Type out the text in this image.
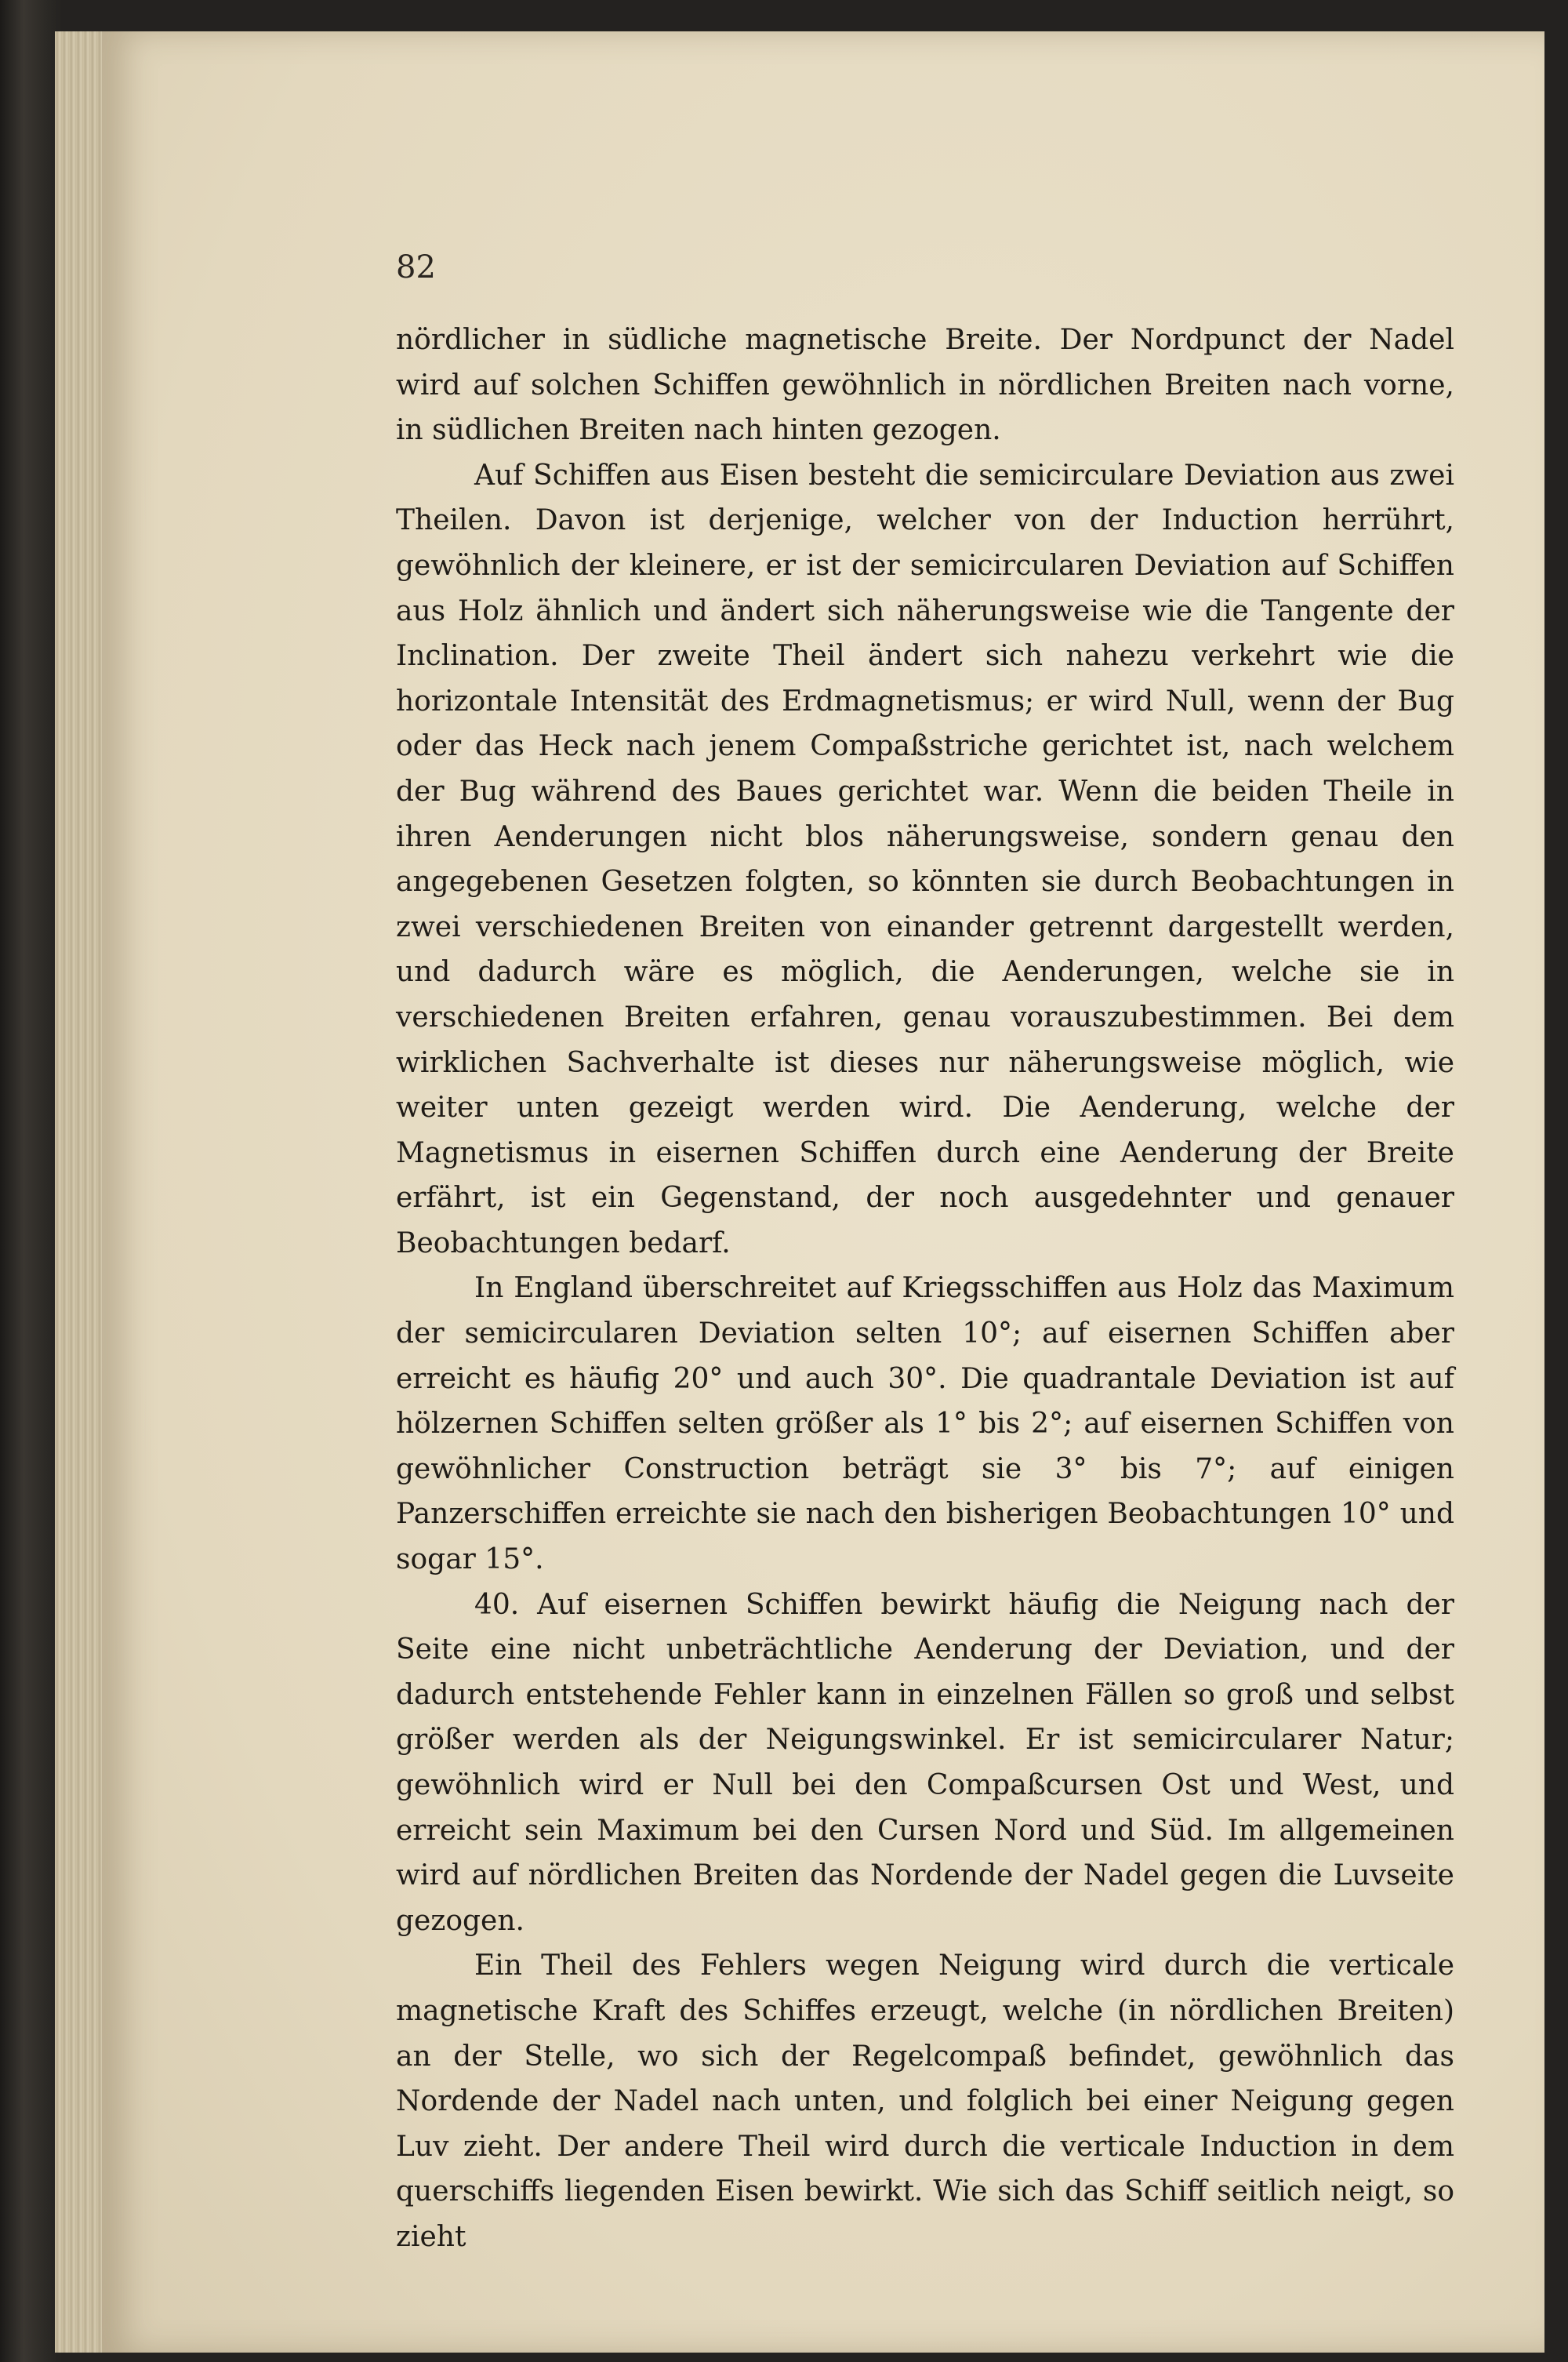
82

nördlicher in südliche magnetische Breite. Der Nordpunct der Nadel wird auf solchen Schiffen gewöhnlich in nördlichen Breiten nach vorne, in südlichen Breiten nach hinten gezogen.

Auf Schiffen aus Eisen besteht die semicirculare Deviation aus zwei Theilen. Davon ist derjenige, welcher von der Induction herrührt, gewöhnlich der kleinere, er ist der semicircularen Deviation auf Schiffen aus Holz ähnlich und ändert sich näherungsweise wie die Tangente der Inclination. Der zweite Theil ändert sich nahezu verkehrt wie die horizontale Intensität des Erdmagnetismus; er wird Null, wenn der Bug oder das Heck nach jenem Compaßstriche gerichtet ist, nach welchem der Bug während des Baues gerichtet war. Wenn die beiden Theile in ihren Aenderungen nicht blos näherungsweise, sondern genau den angegebenen Gesetzen folgten, so könnten sie durch Beobachtungen in zwei verschiedenen Breiten von einander getrennt dargestellt werden, und dadurch wäre es möglich, die Aenderungen, welche sie in verschiedenen Breiten erfahren, genau vorauszubestimmen. Bei dem wirklichen Sachverhalte ist dieses nur näherungsweise möglich, wie weiter unten gezeigt werden wird. Die Aenderung, welche der Magnetismus in eisernen Schiffen durch eine Aenderung der Breite erfährt, ist ein Gegenstand, der noch ausgedehnter und genauer Beobachtungen bedarf.

In England überschreitet auf Kriegsschiffen aus Holz das Maximum der semicircularen Deviation selten 10°; auf eisernen Schiffen aber erreicht es häufig 20° und auch 30°. Die quadrantale Deviation ist auf hölzernen Schiffen selten größer als 1° bis 2°; auf eisernen Schiffen von gewöhnlicher Construction beträgt sie 3° bis 7°; auf einigen Panzerschiffen erreichte sie nach den bisherigen Beobachtungen 10° und sogar 15°.

40. Auf eisernen Schiffen bewirkt häufig die Neigung nach der Seite eine nicht unbeträchtliche Aenderung der Deviation, und der dadurch entstehende Fehler kann in einzelnen Fällen so groß und selbst größer werden als der Neigungswinkel. Er ist semicircularer Natur; gewöhnlich wird er Null bei den Compaßcursen Ost und West, und erreicht sein Maximum bei den Cursen Nord und Süd. Im allgemeinen wird auf nördlichen Breiten das Nordende der Nadel gegen die Luvseite gezogen.

Ein Theil des Fehlers wegen Neigung wird durch die verticale magnetische Kraft des Schiffes erzeugt, welche (in nördlichen Breiten) an der Stelle, wo sich der Regelcompaß befindet, gewöhnlich das Nordende der Nadel nach unten, und folglich bei einer Neigung gegen Luv zieht. Der andere Theil wird durch die verticale Induction in dem querschiffs liegenden Eisen bewirkt. Wie sich das Schiff seitlich neigt, so zieht
